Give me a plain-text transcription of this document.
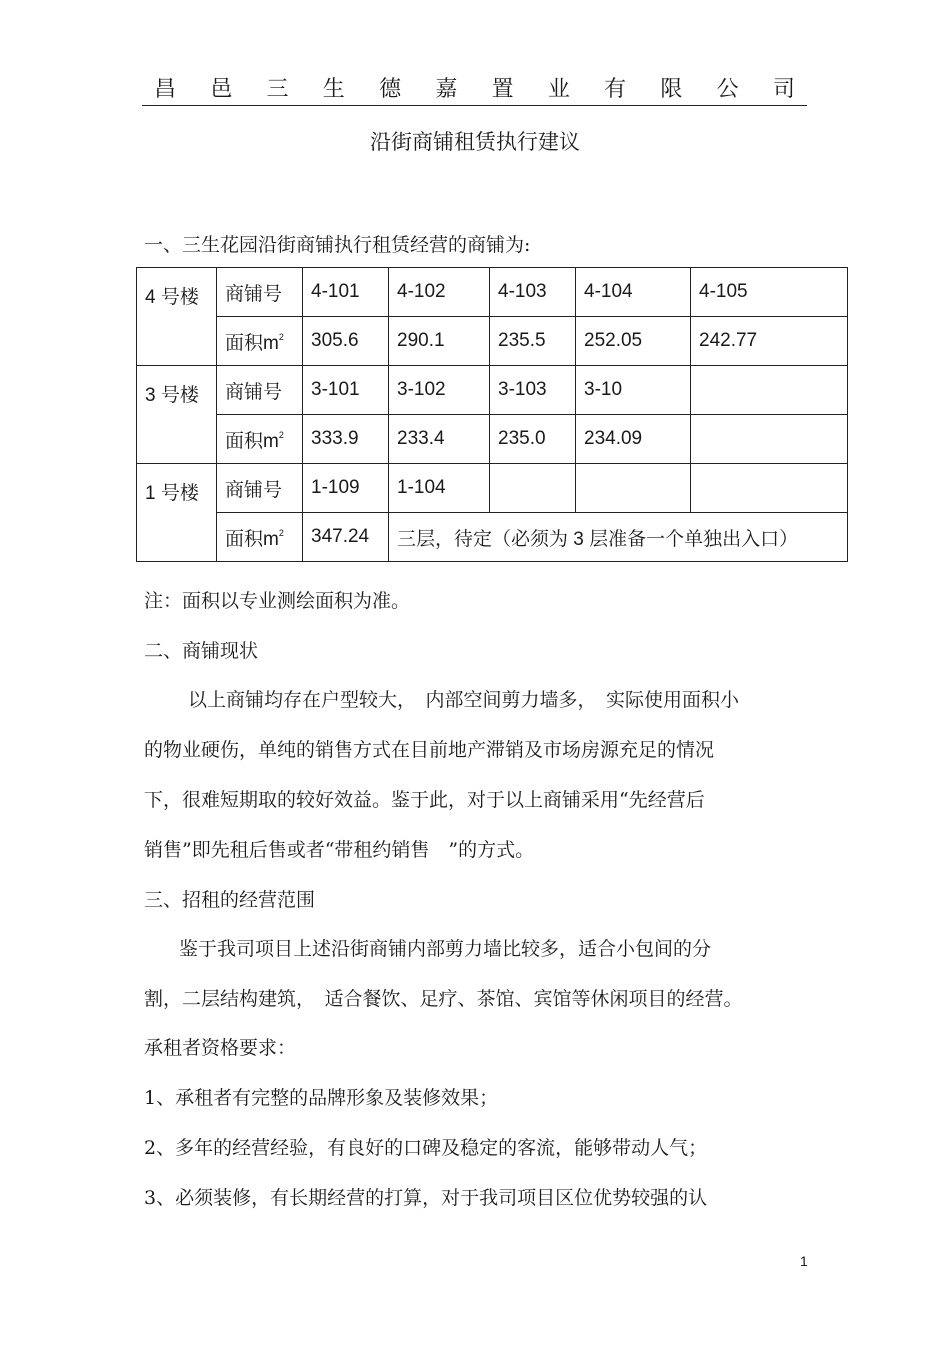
昌 邑 三 生 德 嘉 置 业 有 限 公 司
沿街商铺租赁执行建议
一、三生花园沿街商铺执行租赁经营的商铺为:
4 号楼	商铺号	4-101	4-102	4-103	4-104	4-105
	面积$m^2$	305.6	290.1	235.5	252.05	242.77
3 号楼	商铺号	3-101	3-102	3-103	3-10	
	面积$m^2$	333.9	233.4	235.0	234.09	
1 号楼	商铺号	1-109	1-104			
	面积$m^2$	347.24	三层，待定（必须为 3 层准备一个单独出入口）			
注：面积以专业测绘面积为准。
二、商铺现状
以上商铺均存在户型较大，　内部空间剪力墙多，　实际使用面积小
的物业硬伤，单纯的销售方式在目前地产滞销及市场房源充足的情况
下，很难短期取的较好效益。鉴于此，对于以上商铺采用“先经营后
销售”即先租后售或者“带租约销售　”的方式。
三、招租的经营范围
鉴于我司项目上述沿街商铺内部剪力墙比较多，适合小包间的分
割，二层结构建筑，　适合餐饮、足疗、茶馆、宾馆等休闲项目的经营。
承租者资格要求：
1、承租者有完整的品牌形象及装修效果；
2、多年的经营经验，有良好的口碑及稳定的客流，能够带动人气；
3、必须装修，有长期经营的打算，对于我司项目区位优势较强的认
1
